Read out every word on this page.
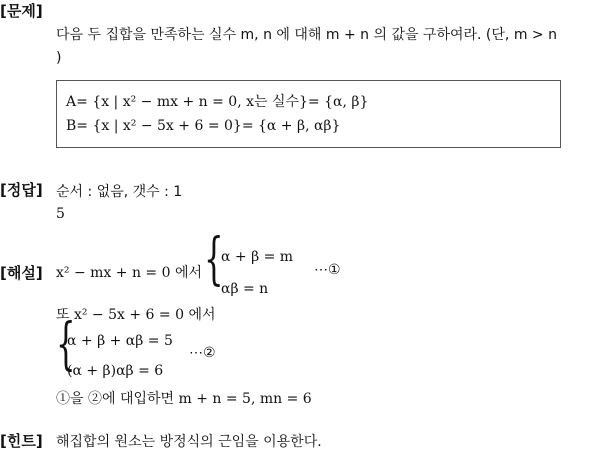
[문제]
다음 두 집합을 만족하는 실수 m, n 에 대해 m + n 의 값을 구하여라. (단, m > n
)
A= {x | x² − mx + n = 0, x는 실수}= {α, β}
B= {x | x² − 5x + 6 = 0}= {α + β, αβ}
[정답] 순서 : 없음, 갯수 : 1
5
[해설] x² − mx + n = 0 에서 {
α + β = m
αβ = n
⋯①
또 x² − 5x + 6 = 0 에서
{
α + β + αβ = 5
(α + β)αβ = 6
⋯②
①을 ②에 대입하면 m + n = 5, mn = 6
[힌트] 해집합의 원소는 방정식의 근임을 이용한다.
